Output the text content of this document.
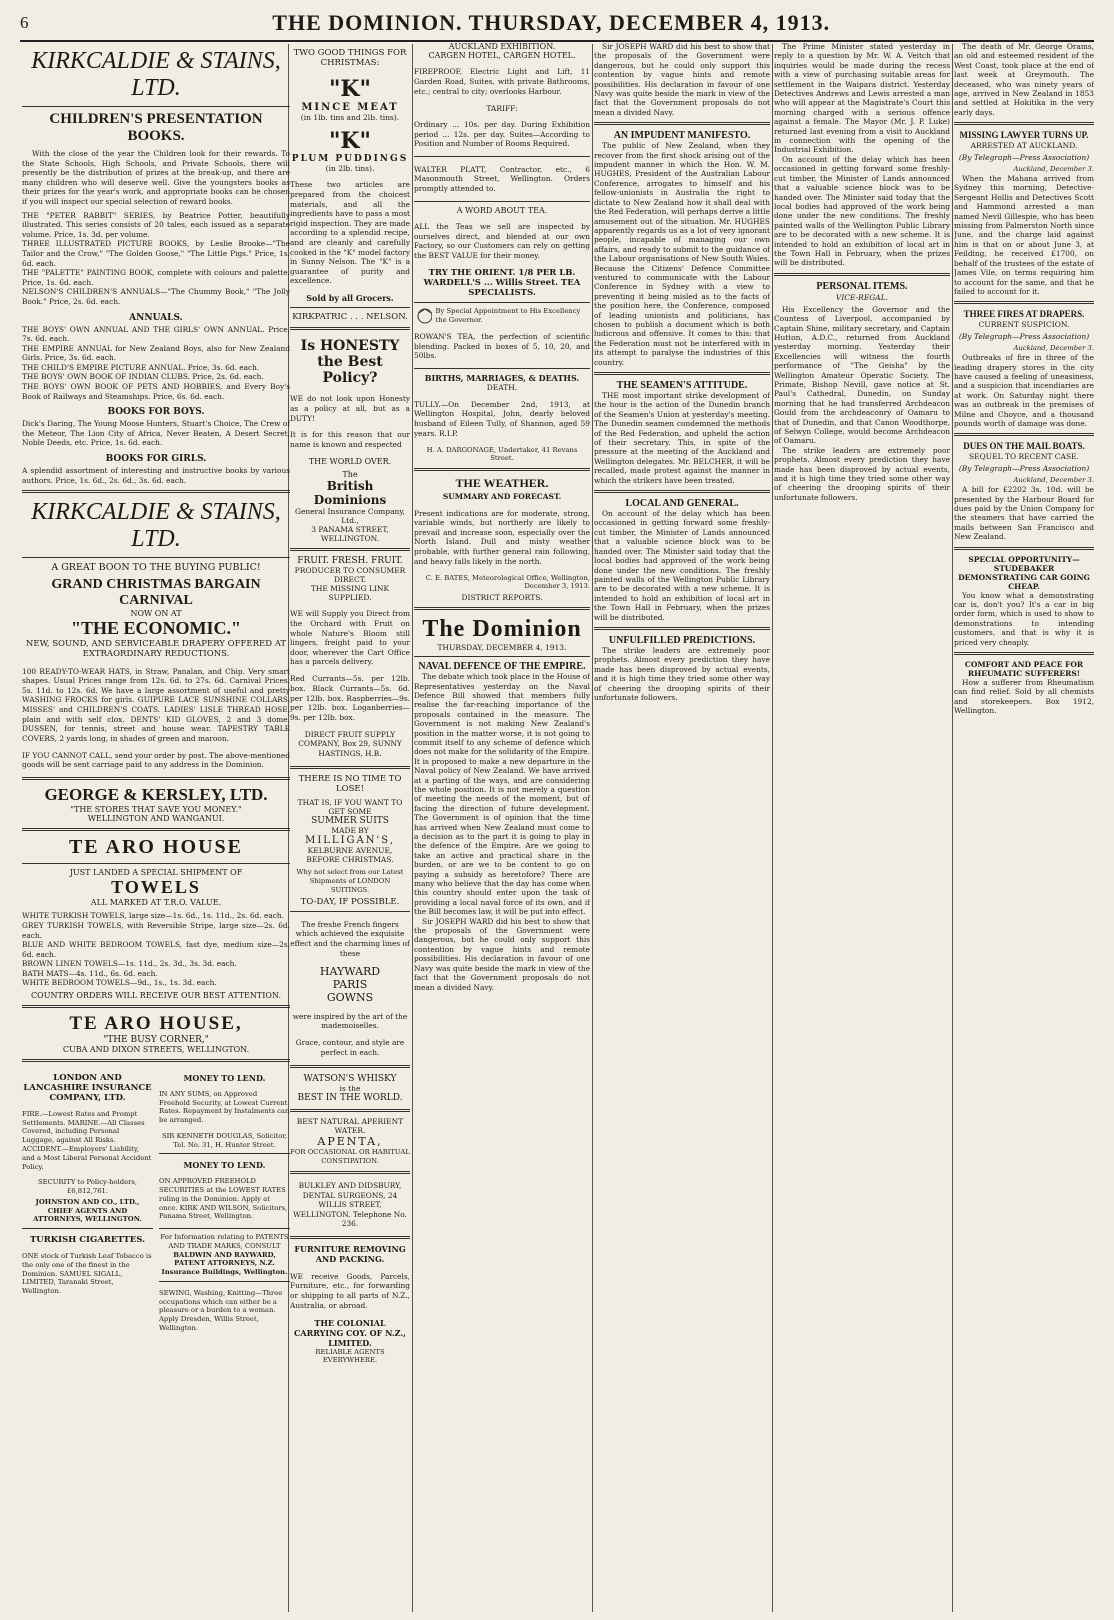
6	THE DOMINION. THURSDAY, DECEMBER 4, 1913.
KIRKCALDIE & STAINS, LTD.
CHILDREN'S PRESENTATION BOOKS.

With the close of the year the Children look for their rewards. To the State Schools, High Schools, and Private Schools, there will presently be the distribution of prizes at the break-up, and there are many children who will deserve well. Give the youngsters books as their prizes for the year's work, and appropriate books can be chosen if you will inspect our special selection of reward books.

THE "PETER RABBIT" SERIES, by Beatrice Potter, beautifully illustrated. This series consists of 20 tales, each issued as a separate volume. Price, 1s. 3d. per volume.
THREE ILLUSTRATED PICTURE BOOKS, by Leslie Brooke—"The Tailor and the Crow," "The Golden Goose," "The Little Pigs." Price, 1s. 6d. each.
THE "PALETTE" PAINTING BOOK, complete with colours and palette. Price, 1s. 6d. each.
NELSON'S CHILDREN'S ANNUALS—"The Chummy Book," "The Jolly Book." Price, 2s. 6d. each.
ANNUALS.
THE BOYS' OWN ANNUAL AND THE GIRLS' OWN ANNUAL. Price, 7s. 6d. each.
THE EMPIRE ANNUAL for New Zealand Boys, also for New Zealand Girls. Price, 3s. 6d. each.
THE CHILD'S EMPIRE PICTURE ANNUAL. Price, 3s. 6d. each.
THE BOYS' OWN BOOK OF INDIAN CLUBS. Price, 2s. 6d. each.
THE BOYS' OWN BOOK OF PETS AND HOBBIES, and Every Boy's Book of Railways and Steamships. Price, 6s. 6d. each.
BOOKS FOR BOYS.
Dick's Daring, The Young Moose Hunters, Stuart's Choice, The Crew of the Meteor, The Lion City of Africa, Never Beaten, A Desert Secret, Noble Deeds, etc. Price, 1s. 6d. each.
BOOKS FOR GIRLS.
A splendid assortment of interesting and instructive books by various authors. Price, 1s. 6d., 2s. 6d., 3s. 6d. each.
KIRKCALDIE & STAINS, LTD.
A GREAT BOON TO THE BUYING PUBLIC!
GRAND CHRISTMAS BARGAIN CARNIVAL
NOW ON AT
"THE ECONOMIC."
NEW, SOUND, AND SERVICEABLE DRAPERY OFFERED AT EXTRAORDINARY REDUCTIONS.

100 READY-TO-WEAR HATS, in Straw, Panalan, and Chip. Very smart shapes. Usual Prices range from 12s. 6d. to 27s. 6d. Carnival Prices, 5s. 11d. to 12s. 6d. We have a large assortment of useful and pretty WASHING FROCKS for girls. GUIPURE LACE SUNSHINE COLLARS. MISSES' and CHILDREN'S COATS. LADIES' LISLE THREAD HOSE, plain and with self clox. DENTS' KID GLOVES, 2 and 3 dome. DUSSEN, for tennis, street and house wear. TAPESTRY TABLE COVERS, 2 yards long, in shades of green and maroon.

IF YOU CANNOT CALL, send your order by post. The above-mentioned goods will be sent carriage paid to any address in the Dominion.

GEORGE & KERSLEY, LTD.
"THE STORES THAT SAVE YOU MONEY."
WELLINGTON AND WANGANUI.
TE ARO HOUSE
JUST LANDED A SPECIAL SHIPMENT OF
TOWELS
ALL MARKED AT T.R.O. VALUE.
WHITE TURKISH TOWELS, large size—1s. 6d., 1s. 11d., 2s. 6d. each.
GREY TURKISH TOWELS, with Reversible Stripe, large size—2s. 6d. each.
BLUE AND WHITE BEDROOM TOWELS, fast dye, medium size—2s. 6d. each.
BROWN LINEN TOWELS—1s. 11d., 2s. 3d., 3s. 3d. each.
BATH MATS—4s. 11d., 6s. 6d. each.
WHITE BEDROOM TOWELS—9d., 1s., 1s. 3d. each.
COUNTRY ORDERS WILL RECEIVE OUR BEST ATTENTION.
TE ARO HOUSE,
"THE BUSY CORNER,"
CUBA AND DIXON STREETS, WELLINGTON.
LONDON AND LANCASHIRE INSURANCE COMPANY, LTD.

FIRE.—Lowest Rates and Prompt Settlements. MARINE.—All Classes Covered, including Personal Luggage, against All Risks. ACCIDENT.—Employers' Liability, and a Most Liberal Personal Accident Policy.

SECURITY to Policy-holders, £6,812,761.
JOHNSTON AND CO., LTD., CHIEF AGENTS AND ATTORNEYS, WELLINGTON.
TURKISH CIGARETTES.

ONE stock of Turkish Leaf Tobacco is the only one of the finest in the Dominion. SAMUEL SIGALL, LIMITED, Taranaki Street, Wellington.

MONEY TO LEND.

IN ANY SUMS, on Approved Freehold Security, at Lowest Current Rates. Repayment by Instalments can be arranged.

SIR KENNETH DOUGLAS, Solicitor, Tel. No. 31, H. Hunter Street.
MONEY TO LEND.

ON APPROVED FREEHOLD SECURITIES at the LOWEST RATES ruling in the Dominion. Apply at once. KIRK AND WILSON, Solicitors, Panama Street, Wellington.

For Information relating to PATENTS AND TRADE MARKS, CONSULT
BALDWIN AND RAYWARD, PATENT ATTORNEYS, N.Z. Insurance Buildings, Wellington.

SEWING, Washing, Knitting—Three occupations which can either be a pleasure or a burden to a woman. Apply Dresden, Willis Street, Wellington.

TWO GOOD THINGS FOR CHRISTMAS:
"K"
MINCE MEAT
(in 1lb. tins and 2lb. tins).
"K"
PLUM PUDDINGS
(in 2lb. tins).

These two articles are prepared from the choicest materials, and all the ingredients have to pass a most rigid inspection. They are made according to a splendid recipe, and are cleanly and carefully cooked in the "K" model factory in Sunny Nelson. The "K" is a guarantee of purity and excellence.

Sold by all Grocers.
KIRKPATRIC . . . NELSON.
Is HONESTY the Best Policy?

WE do not look upon Honesty as a policy at all, but as a DUTY!

It is for this reason that our name is known and respected

THE WORLD OVER.
The
British Dominions
General Insurance Company, Ltd.,
3 PANAMA STREET, WELLINGTON.
FRUIT. FRESH. FRUIT.
PRODUCER TO CONSUMER DIRECT.
THE MISSING LINK SUPPLIED.

WE will Supply you Direct from the Orchard with Fruit on whole Nature's Bloom still lingers, freight paid to your door, wherever the Cart Office has a parcels delivery.

Red Currants—5s. per 12lb. box. Black Currants—5s. 6d. per 12lb. box. Raspberries—9s. per 12lb. box. Loganberries—9s. per 12lb. box.

DIRECT FRUIT SUPPLY COMPANY, Box 29, SUNNY HASTINGS, H.B.

THERE IS NO TIME TO LOSE!
THAT IS, IF YOU WANT TO GET SOME
SUMMER SUITS
MADE BY
MILLIGAN'S,
KELBURNE AVENUE,
BEFORE CHRISTMAS.
Why not select from our Latest Shipments of LONDON SUITINGS.
TO-DAY, IF POSSIBLE.

The freshe French fingers which achieved the exquisite effect and the charming lines of these

HAYWARD
PARIS
GOWNS

were inspired by the art of the mademoiselles.

Grace, contour, and style are perfect in each.

WATSON'S WHISKY
is the
BEST IN THE WORLD.
BEST NATURAL APERIENT WATER.
APENTA,
FOR OCCASIONAL OR HABITUAL CONSTIPATION.

BULKLEY AND DIDSBURY, DENTAL SURGEONS, 24 WILLIS STREET, WELLINGTON. Telephone No. 236.

FURNITURE REMOVING AND PACKING.

WE receive Goods, Parcels, Furniture, etc., for forwarding or shipping to all parts of N.Z., Australia, or abroad.

THE COLONIAL CARRYING COY. OF N.Z., LIMITED.
RELIABLE AGENTS EVERYWHERE.
AUCKLAND EXHIBITION.
CARGEN HOTEL, CARGEN HOTEL.

FIREPROOF, Electric Light and Lift, 11 Garden Road, Suites, with private Bathrooms, etc.; central to city; overlooks Harbour.

TARIFF:

Ordinary ... 10s. per day. During Exhibition period ... 12s. per day. Suites—According to Position and Number of Rooms Required.

WALTER PLATT, Contractor, etc., 6 Masonmouth Street, Wellington. Orders promptly attended to.

A WORD ABOUT TEA.

ALL the Teas we sell are inspected by ourselves direct, and blended at our own Factory, so our Customers can rely on getting the BEST VALUE for their money.

TRY THE ORIENT. 1/8 PER LB.
WARDELL'S ... Willis Street. TEA SPECIALISTS.
By Special Appointment to His Excellency the Governor.

ROWAN'S TEA, the perfection of scientific blending. Packed in boxes of 5, 10, 20, and 50lbs.

BIRTHS, MARRIAGES, & DEATHS.
DEATH.

TULLY.—On December 2nd, 1913, at Wellington Hospital, John, dearly beloved husband of Eileen Tully, of Shannon, aged 59 years. R.I.P.

H. A. DARGONAGE, Undertaker, 41 Revans Street.
THE WEATHER.
SUMMARY AND FORECAST.

Present indications are for moderate, strong, variable winds, but northerly are likely to prevail and increase soon, especially over the North Island. Dull and misty weather probable, with further general rain following, and heavy falls likely in the north.

C. E. BATES, Meteorological Office, Wellington, December 3, 1913.
DISTRICT REPORTS.
The Dominion
THURSDAY, DECEMBER 4, 1913.
NAVAL DEFENCE OF THE EMPIRE.

The debate which took place in the House of Representatives yesterday on the Naval Defence Bill showed that members fully realise the far-reaching importance of the proposals contained in the measure. The Government is not making New Zealand's position in the matter worse, it is not going to commit itself to any scheme of defence which does not make for the solidarity of the Empire. It is proposed to make a new departure in the Naval policy of New Zealand. We have arrived at a parting of the ways, and are considering the whole position. It is not merely a question of meeting the needs of the moment, but of facing the direction of future development. The Government is of opinion that the time has arrived when New Zealand must come to a decision as to the part it is going to play in the defence of the Empire. Are we going to take an active and practical share in the burden, or are we to be content to go on paying a subsidy as heretofore? There are many who believe that the day has come when this country should enter upon the task of providing a local naval force of its own, and if the Bill becomes law, it will be put into effect.

Sir JOSEPH WARD did his best to show that the proposals of the Government were dangerous, but he could only support this contention by vague hints and remote possibilities. His declaration in favour of one Navy was quite beside the mark in view of the fact that the Government proposals do not mean a divided Navy.

Sir JOSEPH WARD did his best to show that the proposals of the Government were dangerous, but he could only support this contention by vague hints and remote possibilities. His declaration in favour of one Navy was quite beside the mark in view of the fact that the Government proposals do not mean a divided Navy.

AN IMPUDENT MANIFESTO.

The public of New Zealand, when they recover from the first shock arising out of the impudent manner in which the Hon. W. M. HUGHES, President of the Australian Labour Conference, arrogates to himself and his fellow-unionists in Australia the right to dictate to New Zealand how it shall deal with the Red Federation, will perhaps derive a little amusement out of the situation. Mr. HUGHES apparently regards us as a lot of very ignorant people, incapable of managing our own affairs, and ready to submit to the guidance of the Labour organisations of New South Wales. Because the Citizens' Defence Committee ventured to communicate with the Labour Conference in Sydney with a view to preventing it being misled as to the facts of the position here, the Conference, composed of leading unionists and politicians, has chosen to publish a document which is both ludicrous and offensive. It comes to this: that the Federation must not be interfered with in its attempt to paralyse the industries of this country.

THE SEAMEN'S ATTITUDE.

THE most important strike development of the hour is the action of the Dunedin branch of the Seamen's Union at yesterday's meeting. The Dunedin seamen condemned the methods of the Red Federation, and upheld the action of their secretary. This, in spite of the pressure at the meeting of the Auckland and Wellington delegates. Mr. BELCHER, it will be recalled, made protest against the manner in which the strikers have been treated.

LOCAL AND GENERAL.

On account of the delay which has been occasioned in getting forward some freshly-cut timber, the Minister of Lands announced that a valuable science block was to be handed over. The Minister said today that the local bodies had approved of the work being done under the new conditions. The freshly painted walls of the Wellington Public Library are to be decorated with a new scheme. It is intended to hold an exhibition of local art in the Town Hall in February, when the prizes will be distributed.

UNFULFILLED PREDICTIONS.

The strike leaders are extremely poor prophets. Almost every prediction they have made has been disproved by actual events, and it is high time they tried some other way of cheering the drooping spirits of their unfortunate followers.

The Prime Minister stated yesterday in reply to a question by Mr. W. A. Veitch that inquiries would be made during the recess with a view of purchasing suitable areas for settlement in the Waipara district. Yesterday Detectives Andrews and Lewis arrested a man who will appear at the Magistrate's Court this morning charged with a serious offence against a female. The Mayor (Mr. J. P. Luke) returned last evening from a visit to Auckland in connection with the opening of the Industrial Exhibition.

On account of the delay which has been occasioned in getting forward some freshly-cut timber, the Minister of Lands announced that a valuable science block was to be handed over. The Minister said today that the local bodies had approved of the work being done under the new conditions. The freshly painted walls of the Wellington Public Library are to be decorated with a new scheme. It is intended to hold an exhibition of local art in the Town Hall in February, when the prizes will be distributed.

PERSONAL ITEMS.
VICE-REGAL.

His Excellency the Governor and the Countess of Liverpool, accompanied by Captain Shine, military secretary, and Captain Hutton, A.D.C., returned from Auckland yesterday morning. Yesterday their Excellencies will witness the fourth performance of "The Geisha" by the Wellington Amateur Operatic Society. The Primate, Bishop Nevill, gave notice at St. Paul's Cathedral, Dunedin, on Sunday morning that he had transferred Archdeacon Gould from the archdeaconry of Oamaru to that of Dunedin, and that Canon Woodthorpe, of Selwyn College, would become Archdeacon of Oamaru.

The strike leaders are extremely poor prophets. Almost every prediction they have made has been disproved by actual events, and it is high time they tried some other way of cheering the drooping spirits of their unfortunate followers.

The death of Mr. George Orams, an old and esteemed resident of the West Coast, took place at the end of last week at Greymouth. The deceased, who was ninety years of age, arrived in New Zealand in 1853 and settled at Hokitika in the very early days.

MISSING LAWYER TURNS UP.
ARRESTED AT AUCKLAND.
(By Telegraph—Press Association)
Auckland, December 3.

When the Mahana arrived from Sydney this morning, Detective-Sergeant Hollis and Detectives Scott and Hammond arrested a man named Nevil Gillespie, who has been missing from Palmerston North since June, and the charge laid against him is that on or about June 3, at Feilding, he received £1700, on behalf of the trustees of the estate of James Vile, on terms requiring him to account for the same, and that he failed to account for it.

THREE FIRES AT DRAPERS.
CURRENT SUSPICION.
(By Telegraph—Press Association)
Auckland, December 3.

Outbreaks of fire in three of the leading drapery stores in the city have caused a feeling of uneasiness, and a suspicion that incendiaries are at work. On Saturday night there was an outbreak in the premises of Milne and Choyce, and a thousand pounds worth of damage was done.

DUES ON THE MAIL BOATS.
SEQUEL TO RECENT CASE.
(By Telegraph—Press Association)
Auckland, December 3.

A bill for £2202 3s. 10d. will be presented by the Harbour Board for dues paid by the Union Company for the steamers that have carried the mails between San Francisco and New Zealand.

SPECIAL OPPORTUNITY—STUDEBAKER DEMONSTRATING CAR GOING CHEAP.

You know what a demonstrating car is, don't you? It's a car in big order form, which is used to show to demonstrations to intending customers, and that is why it is priced very cheaply.

COMFORT AND PEACE FOR RHEUMATIC SUFFERERS!

How a sufferer from Rheumatism can find relief. Sold by all chemists and storekeepers. Box 1912, Wellington.
